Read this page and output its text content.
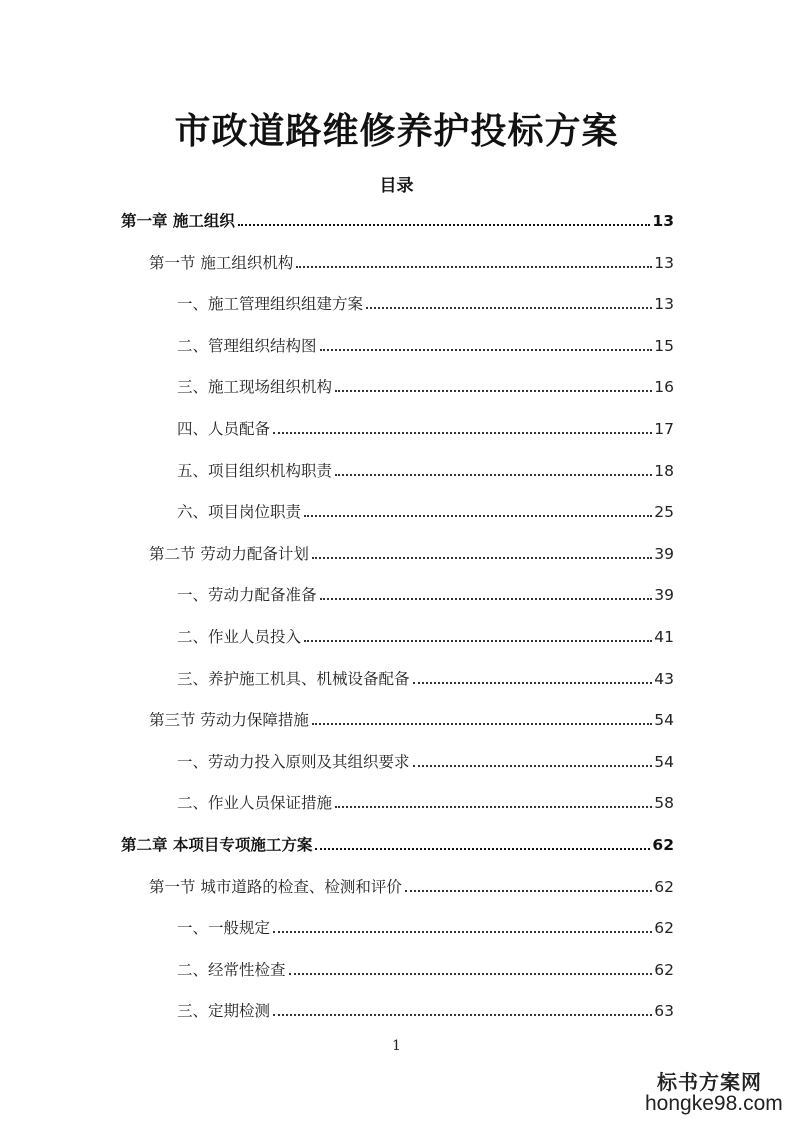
市政道路维修养护投标方案
目录
第一章 施工组织	13
第一节 施工组织机构	13
一、施工管理组织组建方案	13
二、管理组织结构图	15
三、施工现场组织机构	16
四、人员配备	17
五、项目组织机构职责	18
六、项目岗位职责	25
第二节 劳动力配备计划	39
一、劳动力配备准备	39
二、作业人员投入	41
三、养护施工机具、机械设备配备	43
第三节 劳动力保障措施	54
一、劳动力投入原则及其组织要求	54
二、作业人员保证措施	58
第二章 本项目专项施工方案	62
第一节 城市道路的检查、检测和评价	62
一、一般规定	62
二、经常性检查	62
三、定期检测	63
1
标书方案网
hongke98.com
